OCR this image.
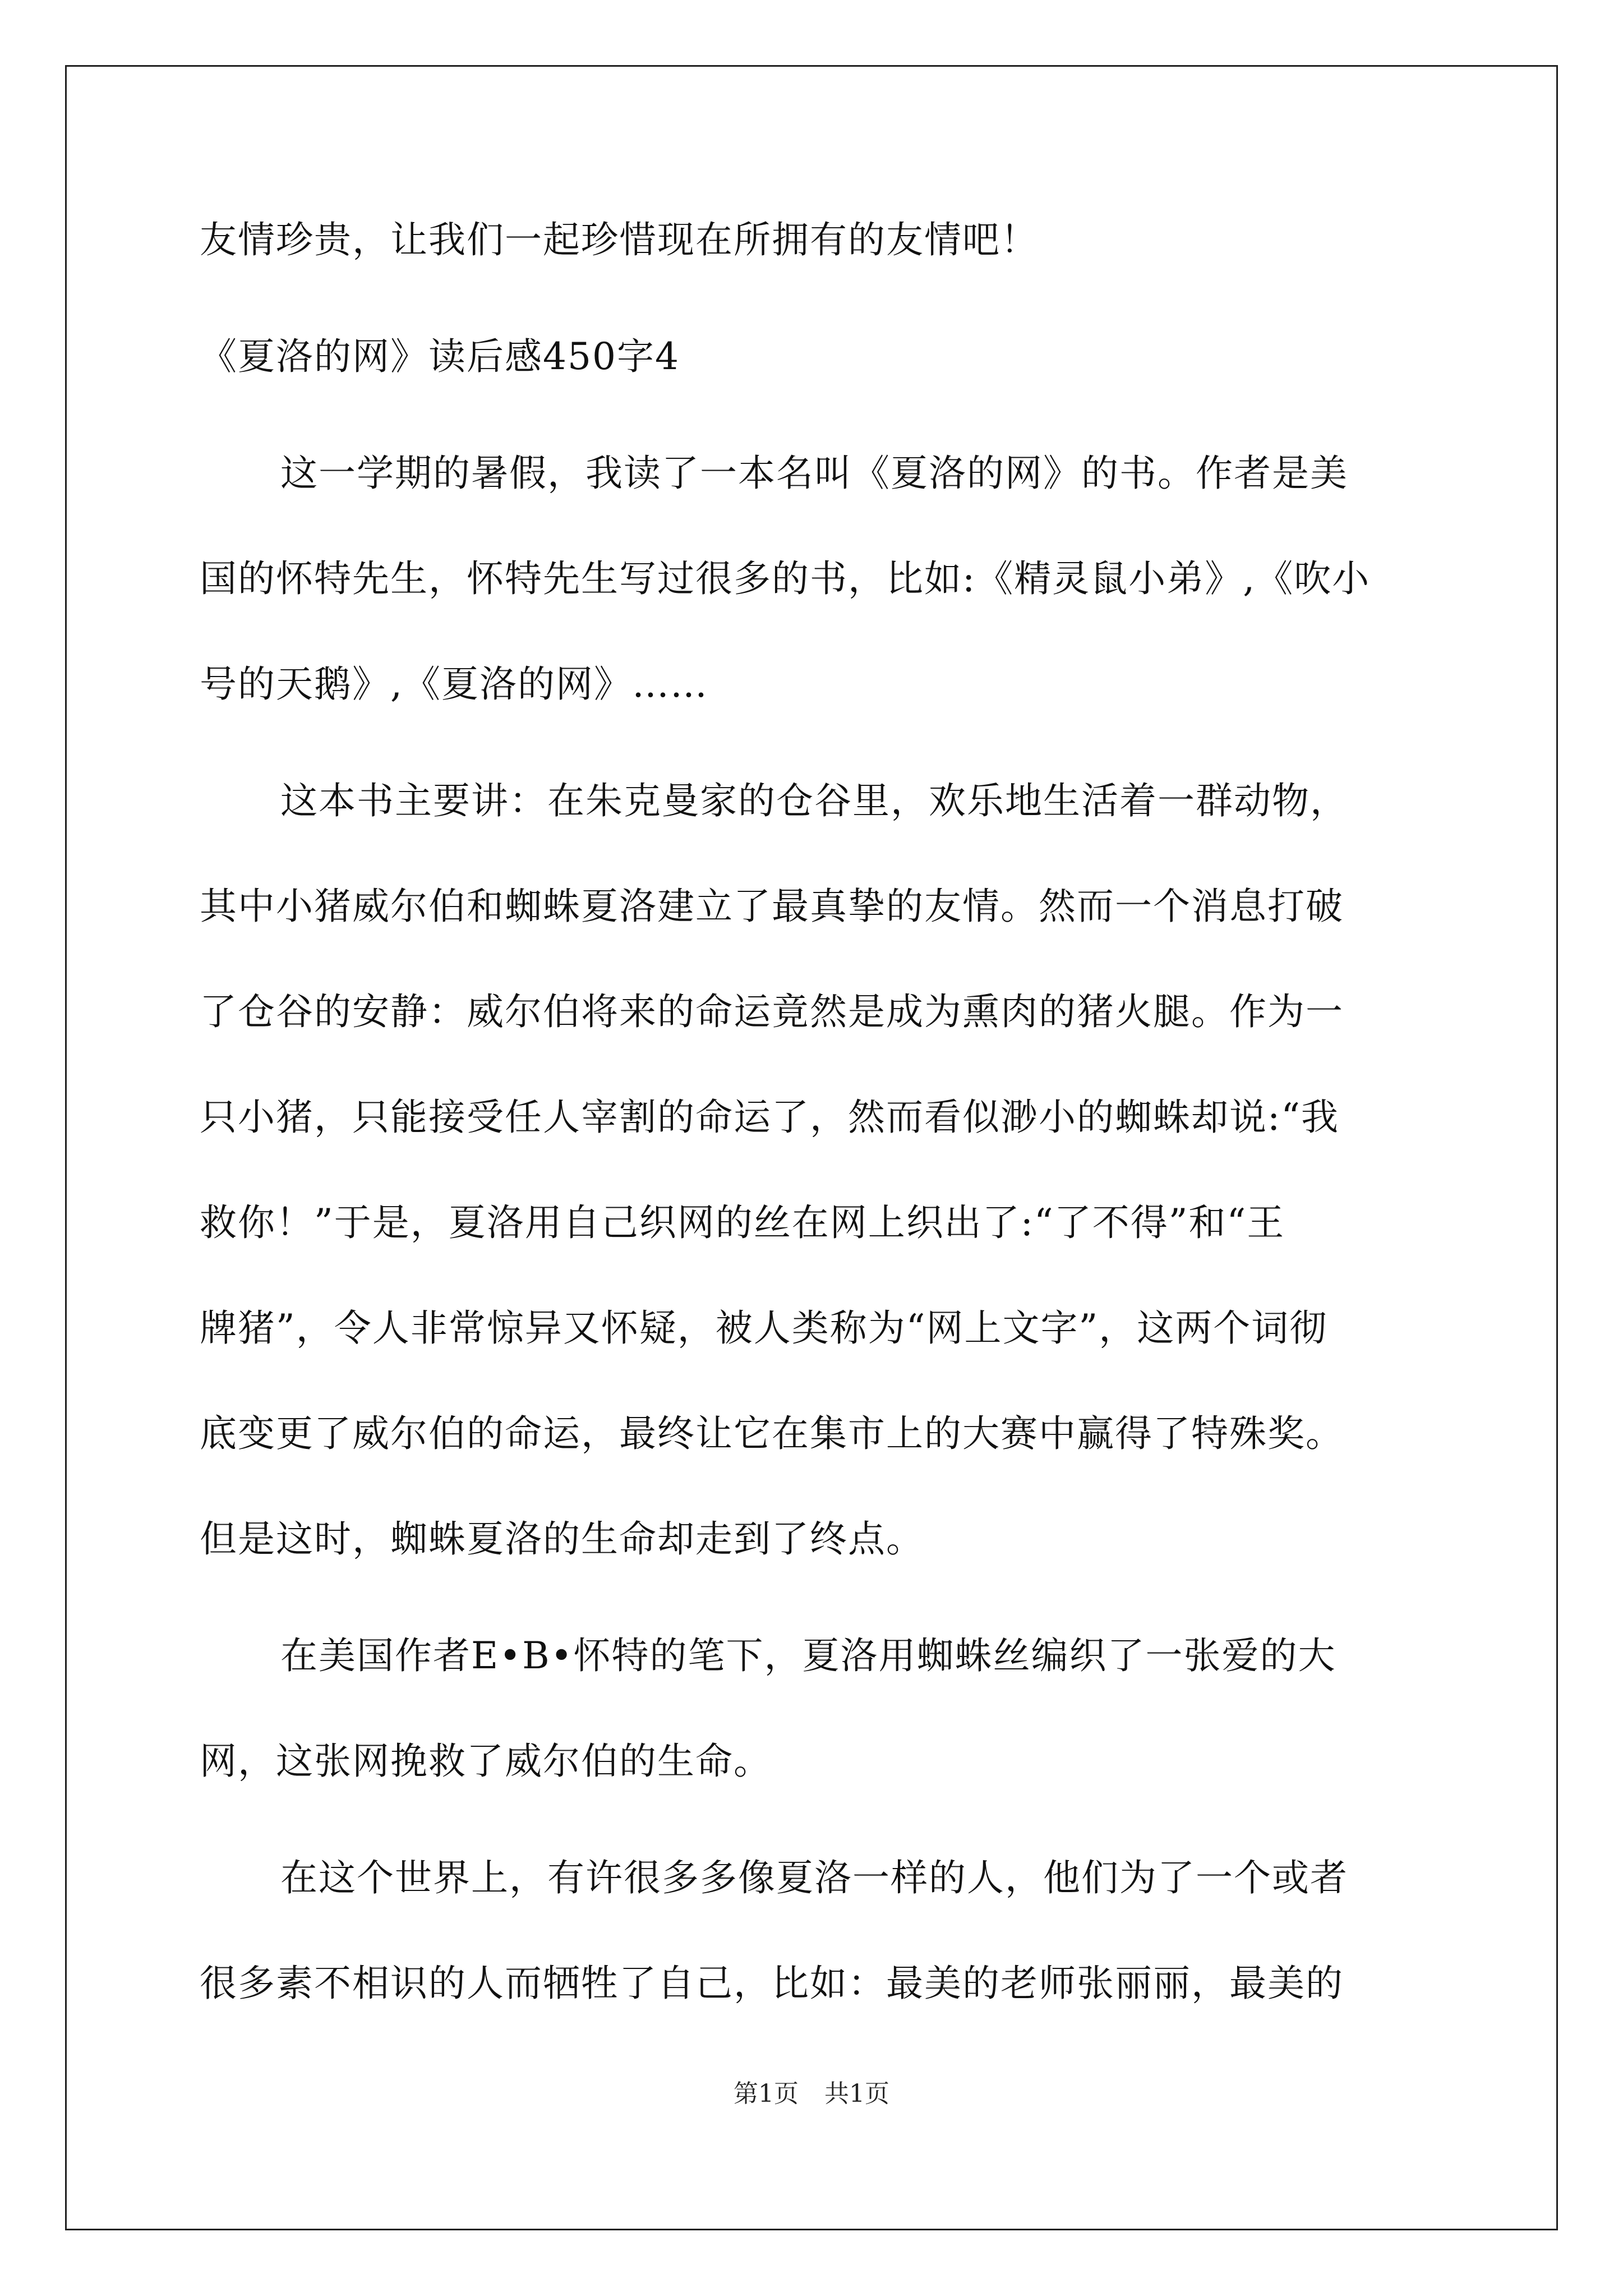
友情珍贵，让我们一起珍惜现在所拥有的友情吧！
《夏洛的网》读后感450字4
这一学期的暑假，我读了一本名叫《夏洛的网》的书。作者是美
国的怀特先生，怀特先生写过很多的书，比如:《精灵鼠小弟》,《吹小
号的天鹅》,《夏洛的网》……
这本书主要讲：在朱克曼家的仓谷里，欢乐地生活着一群动物，
其中小猪威尔伯和蜘蛛夏洛建立了最真挚的友情。然而一个消息打破
了仓谷的安静：威尔伯将来的命运竟然是成为熏肉的猪火腿。作为一
只小猪，只能接受任人宰割的命运了，然而看似渺小的蜘蛛却说:“我
救你！”于是，夏洛用自己织网的丝在网上织出了:“了不得”和“王
牌猪”，令人非常惊异又怀疑，被人类称为“网上文字”，这两个词彻
底变更了威尔伯的命运，最终让它在集市上的大赛中赢得了特殊奖。
但是这时，蜘蛛夏洛的生命却走到了终点。
在美国作者E•B•怀特的笔下，夏洛用蜘蛛丝编织了一张爱的大
网，这张网挽救了威尔伯的生命。
在这个世界上，有许很多多像夏洛一样的人，他们为了一个或者
很多素不相识的人而牺牲了自己，比如：最美的老师张丽丽，最美的
第1页 共1页
